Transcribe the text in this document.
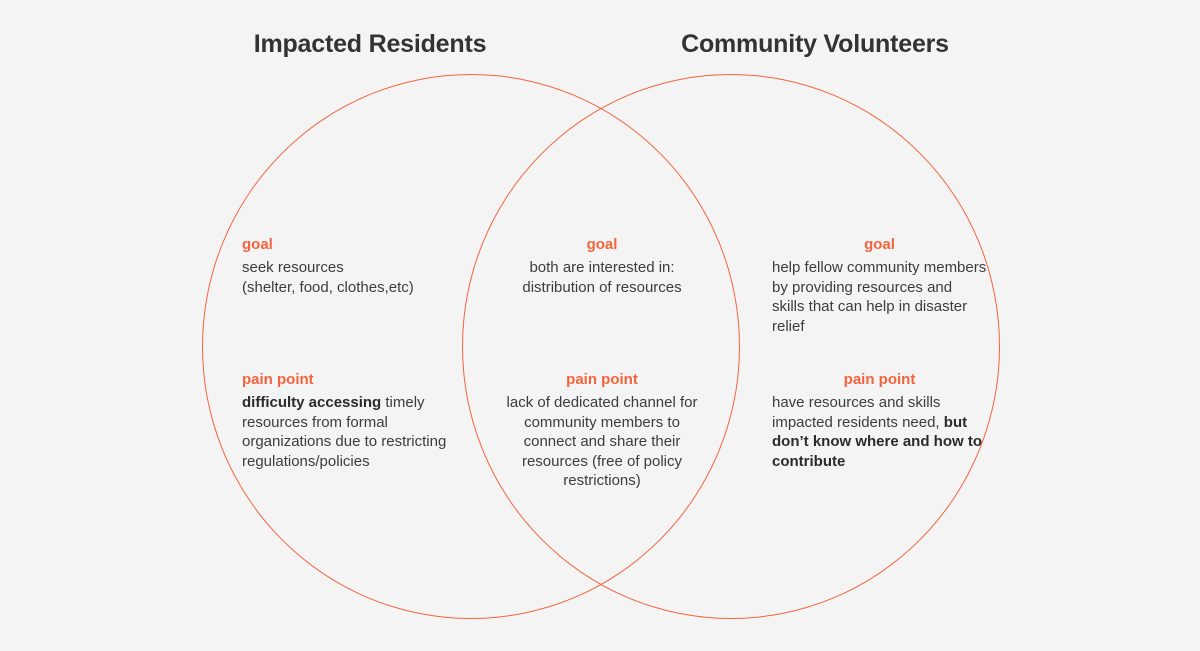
Impacted Residents	Community Volunteers
goal
seek resources
(shelter, food, clothes,etc)
pain point
difficulty accessing timely resources from formal organizations due to restricting regulations/policies
goal
both are interested in: distribution of resources
pain point
lack of dedicated channel for community members to connect and share their resources (free of policy restrictions)
goal
help fellow community members by providing resources and skills that can help in disaster relief
pain point
have resources and skills impacted residents need, but don’t know where and how to contribute
